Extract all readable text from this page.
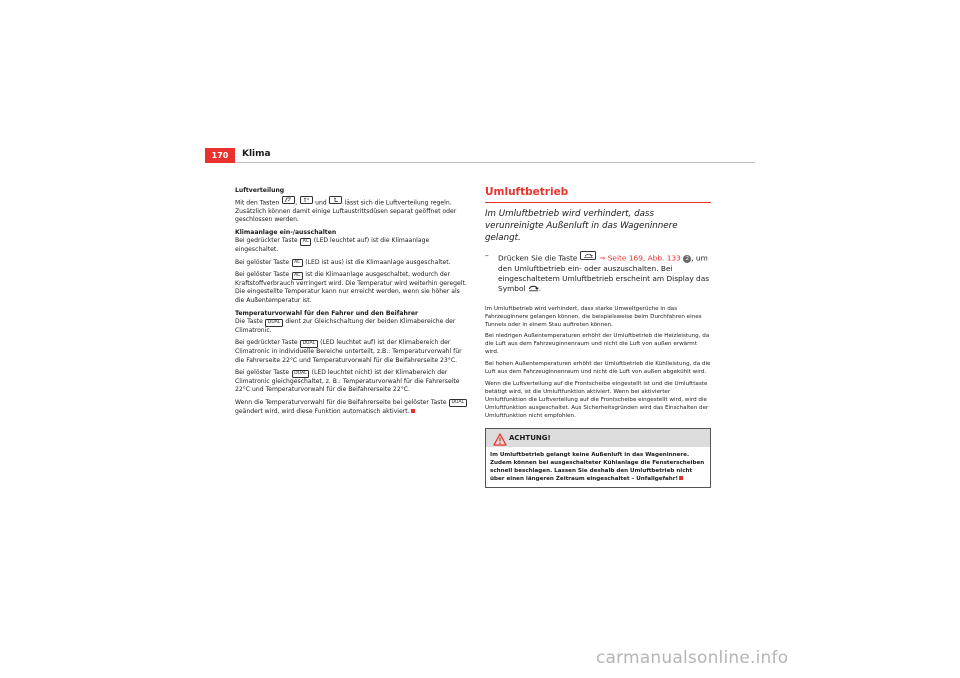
170	Klima

Luftverteilung

Mit den Tasten
,
und
lässt sich die Luftverteilung regeln. Zusätzlich können damit einige Luftaustrittsdüsen separat geöffnet oder geschlossen werden.

Klimaanlage ein-/ausschalten

Bei gedrückter Taste AC (LED leuchtet auf) ist die Klimaanlage eingeschaltet.

Bei gelöster Taste AC (LED ist aus) ist die Klimaanlage ausgeschaltet.

Bei gelöster Taste AC ist die Klimaanlage ausgeschaltet, wodurch der Kraftstoffverbrauch verringert wird. Die Temperatur wird weiterhin geregelt. Die eingestellte Temperatur kann nur erreicht werden, wenn sie höher als die Außentemperatur ist.

Temperaturvorwahl für den Fahrer und den Beifahrer

Die Taste DUAL dient zur Gleichschaltung der beiden Klimabereiche der Climatronic.

Bei gedrückter Taste DUAL (LED leuchtet auf) ist der Klimabereich der Climatronic in individuelle Bereiche unterteilt, z.B.: Temperaturvorwahl für die Fahrerseite 22°C und Temperaturvorwahl für die Beifahrerseite 23°C.

Bei gelöster Taste DUAL (LED leuchtet nicht) ist der Klimabereich der Climatronic gleichgeschaltet, z. B.: Temperaturvorwahl für die Fahrerseite 22°C und Temperaturvorwahl für die Beifahrerseite 22°C.

Wenn die Temperaturvorwahl für die Beifahrerseite bei gelöster Taste DUAL geändert wird, wird diese Funktion automatisch aktiviert.

Umluftbetrieb

Im Umluftbetrieb wird verhindert, dass verunreinigte Außenluft in das Wageninnere gelangt.

– Drücken Sie die Taste	⇒ Seite 169, Abb. 133 2 , um den Umluftbetrieb ein- oder auszuschalten. Bei eingeschaltetem Umluftbetrieb erscheint am Display das Symbol .

Im Umluftbetrieb wird verhindert, dass starke Umweltgerüche in das Fahrzeuginnere gelangen können, die beispielsweise beim Durchfahren eines Tunnels oder in einem Stau auftreten können.

Bei niedrigen Außentemperaturen erhöht der Umluftbetrieb die Heizleistung, da die Luft aus dem Fahrzeuginnenraum und nicht die Luft von außen erwärmt wird.

Bei hohen Außentemperaturen erhöht der Umluftbetrieb die Kühlleistung, da die Luft aus dem Fahrzeuginnenraum und nicht die Luft von außen abgekühlt wird.

Wenn die Luftverteilung auf die Frontscheibe eingestellt ist und die Umlufttaste betätigt wird, ist die Umluftfunktion aktiviert. Wenn bei aktivierter Umluftfunktion die Luftverteilung auf die Frontscheibe eingestellt wird, wird die Umluftfunktion ausgeschaltet. Aus Sicherheitsgründen wird das Einschalten der Umluftfunktion nicht empfohlen.

ACHTUNG!
Im Umluftbetrieb gelangt keine Außenluft in das Wageninnere. Zudem können bei ausgeschalteter Kühlanlage die Fensterscheiben schnell beschlagen. Lassen Sie deshalb den Umluftbetrieb nicht über einen längeren Zeitraum eingeschaltet – Unfallgefahr!
carmanualsonline.info
